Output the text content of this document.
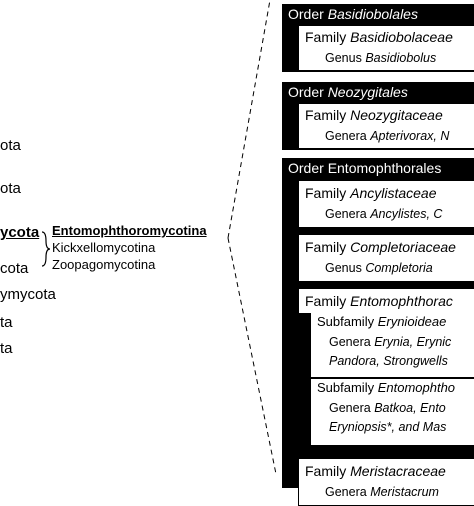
ota
ota
ycota
cota
ymycota
ta
ta
Entomophthoromycotina
Kickxellomycotina
Zoopagomycotina
Order Basidiobolales
Family Basidiobolaceae
Genus Basidiobolus
Order Neozygitales
Family Neozygitaceae
Genera Apterivorax, N
Order Entomophthorales
Family Ancylistaceae
Genera Ancylistes, C
Family Completoriaceae
Genus Completoria
Family Entomophthorac
Subfamily Erynioideae
Genera Erynia, Erynic
Pandora, Strongwells
Subfamily Entomophtho
Genera Batkoa, Ento
Eryniopsis*, and Mas
Family Meristacraceae
Genera Meristacrum
